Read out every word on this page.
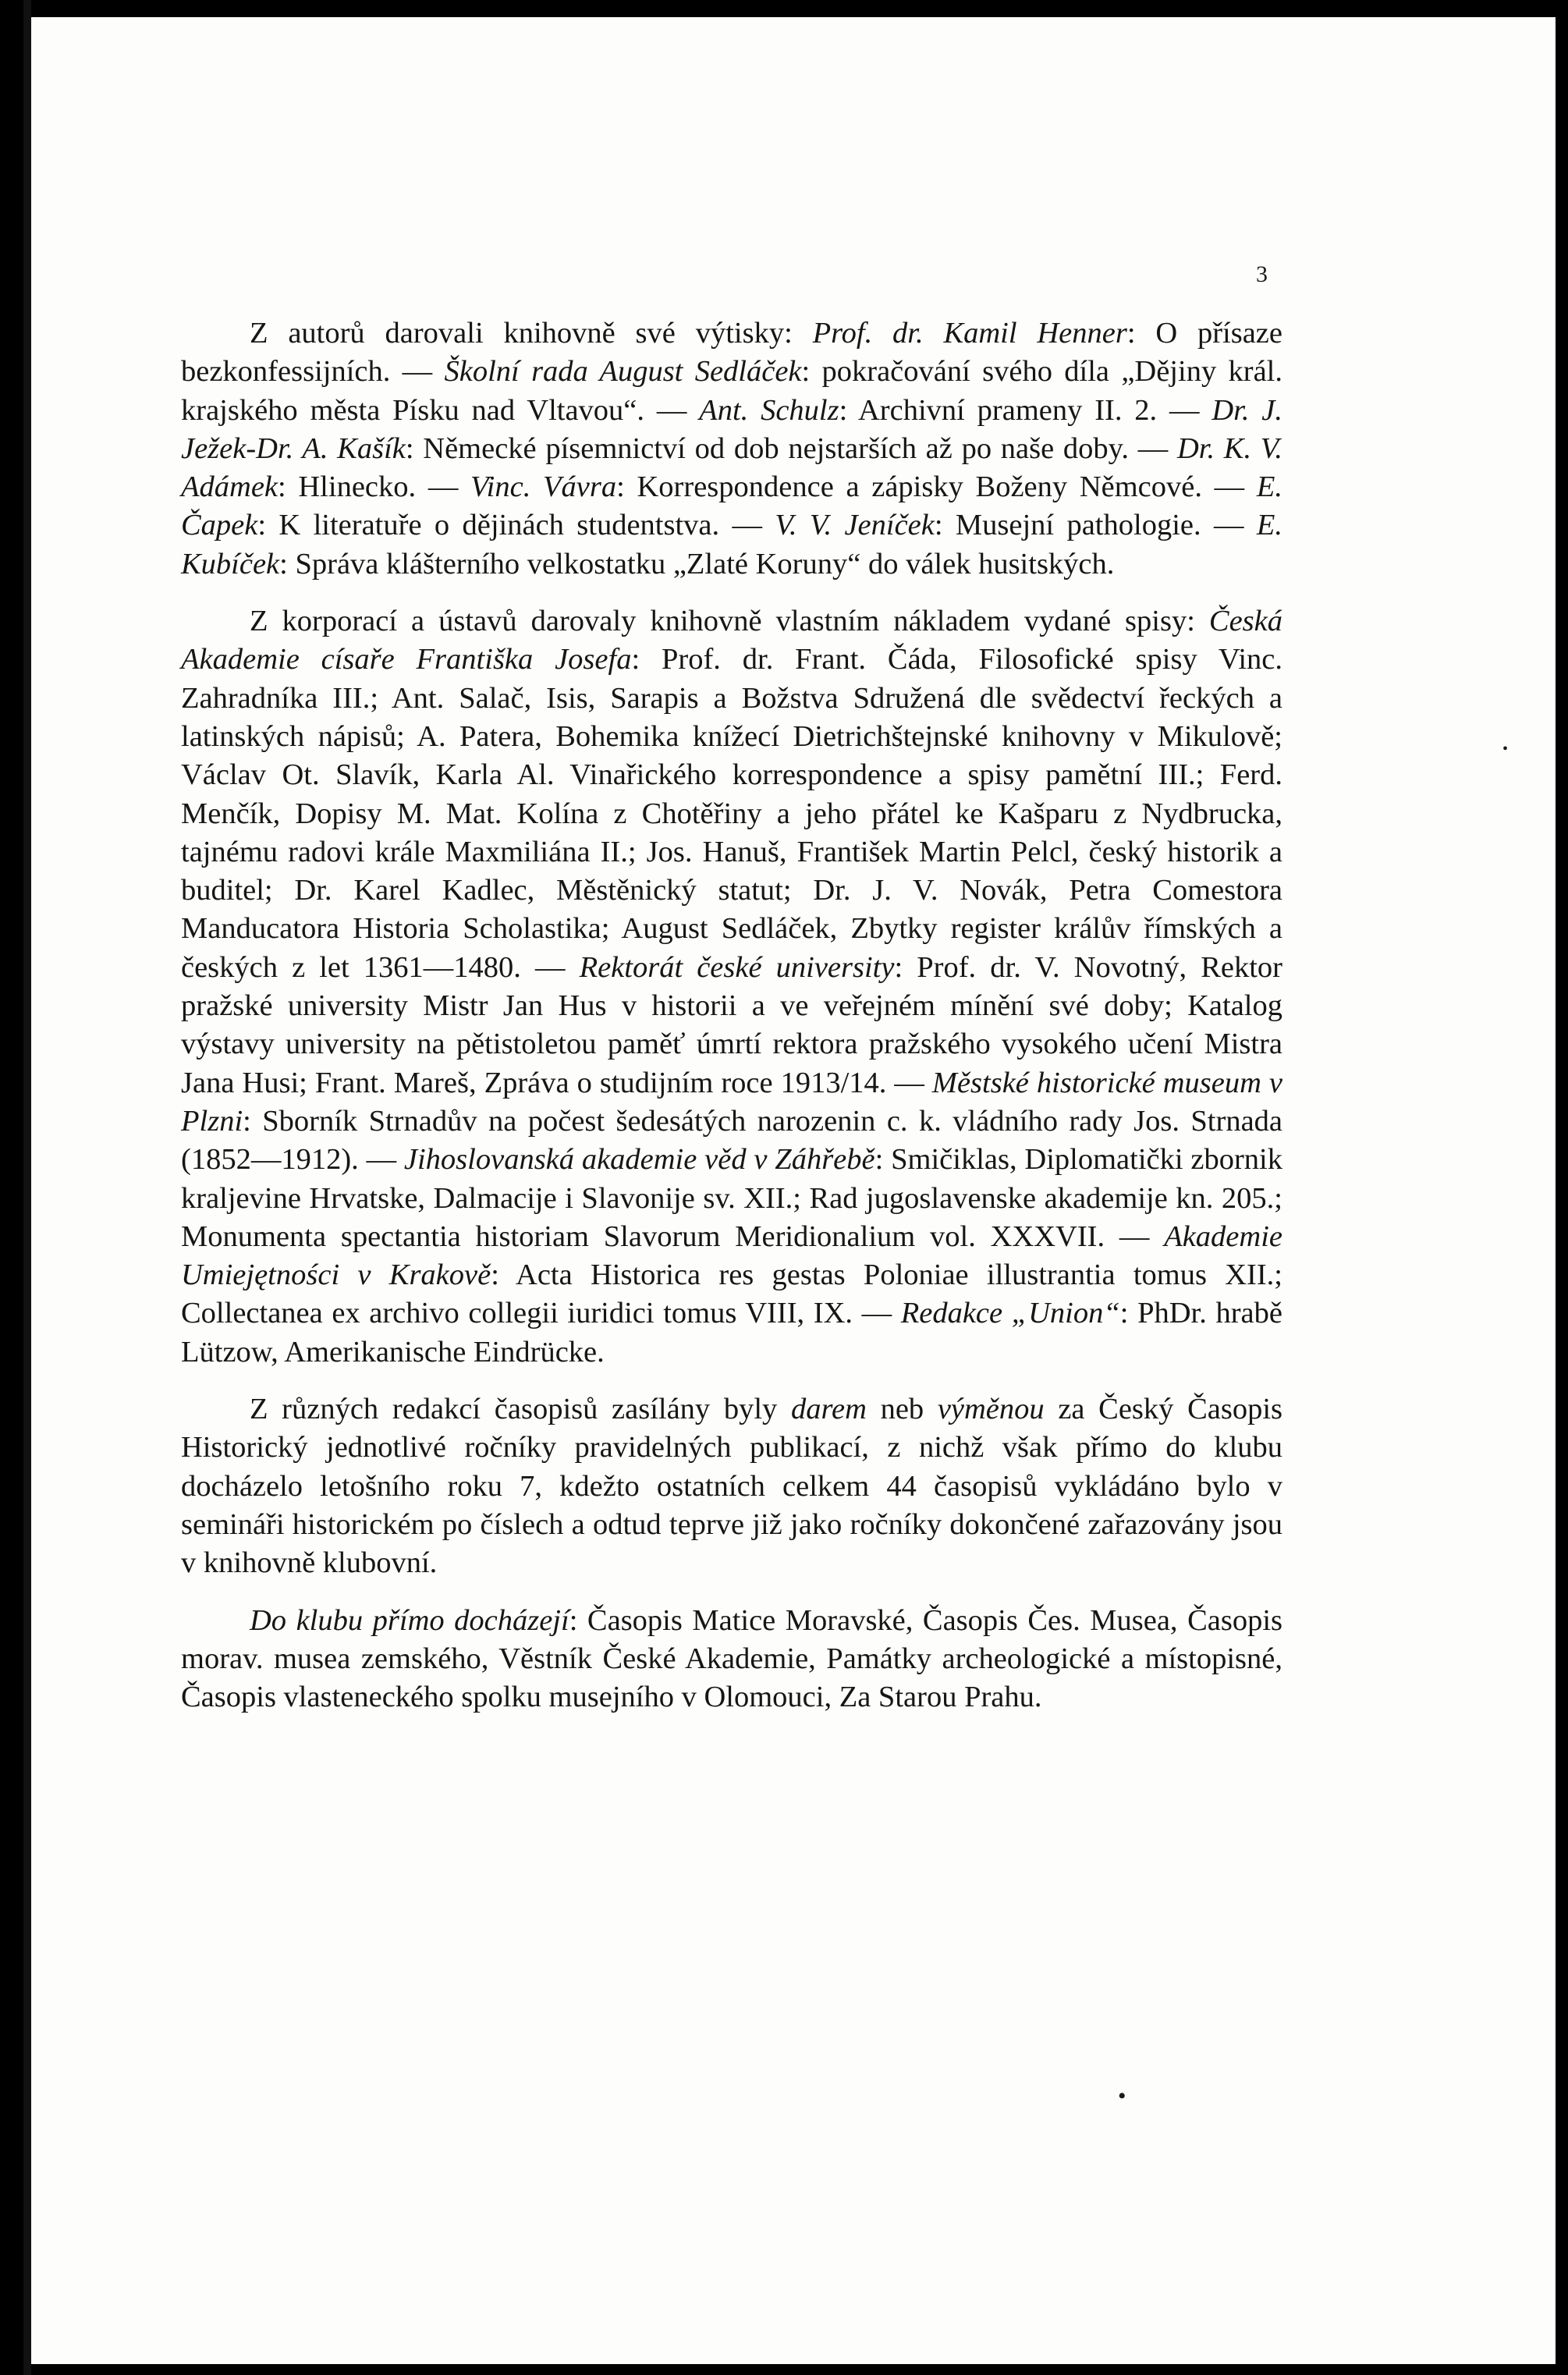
3

Z autorů darovali knihovně své výtisky: Prof. dr. Kamil Henner: O přísaze bezkonfessijních. — Školní rada August Sedláček: pokračování svého díla „Dějiny král. krajského města Písku nad Vltavou“. — Ant. Schulz: Archivní prameny II. 2. — Dr. J. Ježek-Dr. A. Kašík: Německé písemnictví od dob nejstarších až po naše doby. — Dr. K. V. Adámek: Hlinecko. — Vinc. Vávra: Korrespondence a zápisky Boženy Němcové. — E. Čapek: K literatuře o dějinách studentstva. — V. V. Jeníček: Musejní pathologie. — E. Kubíček: Správa klášterního velkostatku „Zlaté Koruny“ do válek husitských.

Z korporací a ústavů darovaly knihovně vlastním nákladem vydané spisy: Česká Akademie císaře Františka Josefa: Prof. dr. Frant. Čáda, Filosofické spisy Vinc. Zahradníka III.; Ant. Salač, Isis, Sarapis a Božstva Sdružená dle svědectví řeckých a latinských nápisů; A. Patera, Bohemika knížecí Dietrichštejnské knihovny v Mikulově; Václav Ot. Slavík, Karla Al. Vinařického korrespondence a spisy pamětní III.; Ferd. Menčík, Dopisy M. Mat. Kolína z Chotěřiny a jeho přátel ke Kašparu z Nydbrucka, tajnému radovi krále Maxmiliána II.; Jos. Hanuš, František Martin Pelcl, český historik a buditel; Dr. Karel Kadlec, Městěnický statut; Dr. J. V. Novák, Petra Comestora Manducatora Historia Scholastika; August Sedláček, Zbytky register králův římských a českých z let 1361—1480. — Rektorát české university: Prof. dr. V. Novotný, Rektor pražské university Mistr Jan Hus v historii a ve veřejném mínění své doby; Katalog výstavy university na pětistoletou paměť úmrtí rektora pražského vysokého učení Mistra Jana Husi; Frant. Mareš, Zpráva o studijním roce 1913/14. — Městské historické museum v Plzni: Sborník Strnadův na počest šedesátých narozenin c. k. vládního rady Jos. Strnada (1852—1912). — Jihoslovanská akademie věd v Záhřebě: Smičiklas, Diplomatički zbornik kraljevine Hrvatske, Dalmacije i Slavonije sv. XII.; Rad jugoslavenske akademije kn. 205.; Monumenta spectantia historiam Slavorum Meridionalium vol. XXXVII. — Akademie Umiejętności v Krakově: Acta Historica res gestas Poloniae illustrantia tomus XII.; Collectanea ex archivo collegii iuridici tomus VIII, IX. — Redakce „Union“: PhDr. hrabě Lützow, Amerikanische Eindrücke.

Z různých redakcí časopisů zasílány byly darem neb výměnou za Český Časopis Historický jednotlivé ročníky pravidelných publikací, z nichž však přímo do klubu docházelo letošního roku 7, kdežto ostatních celkem 44 časopisů vykládáno bylo v semináři historickém po číslech a odtud teprve již jako ročníky dokončené zařazovány jsou v knihovně klubovní.

Do klubu přímo docházejí: Časopis Matice Moravské, Časopis Čes. Musea, Časopis morav. musea zemského, Věstník České Akademie, Památky archeologické a místopisné, Časopis vlasteneckého spolku musejního v Olomouci, Za Starou Prahu.

•
•
